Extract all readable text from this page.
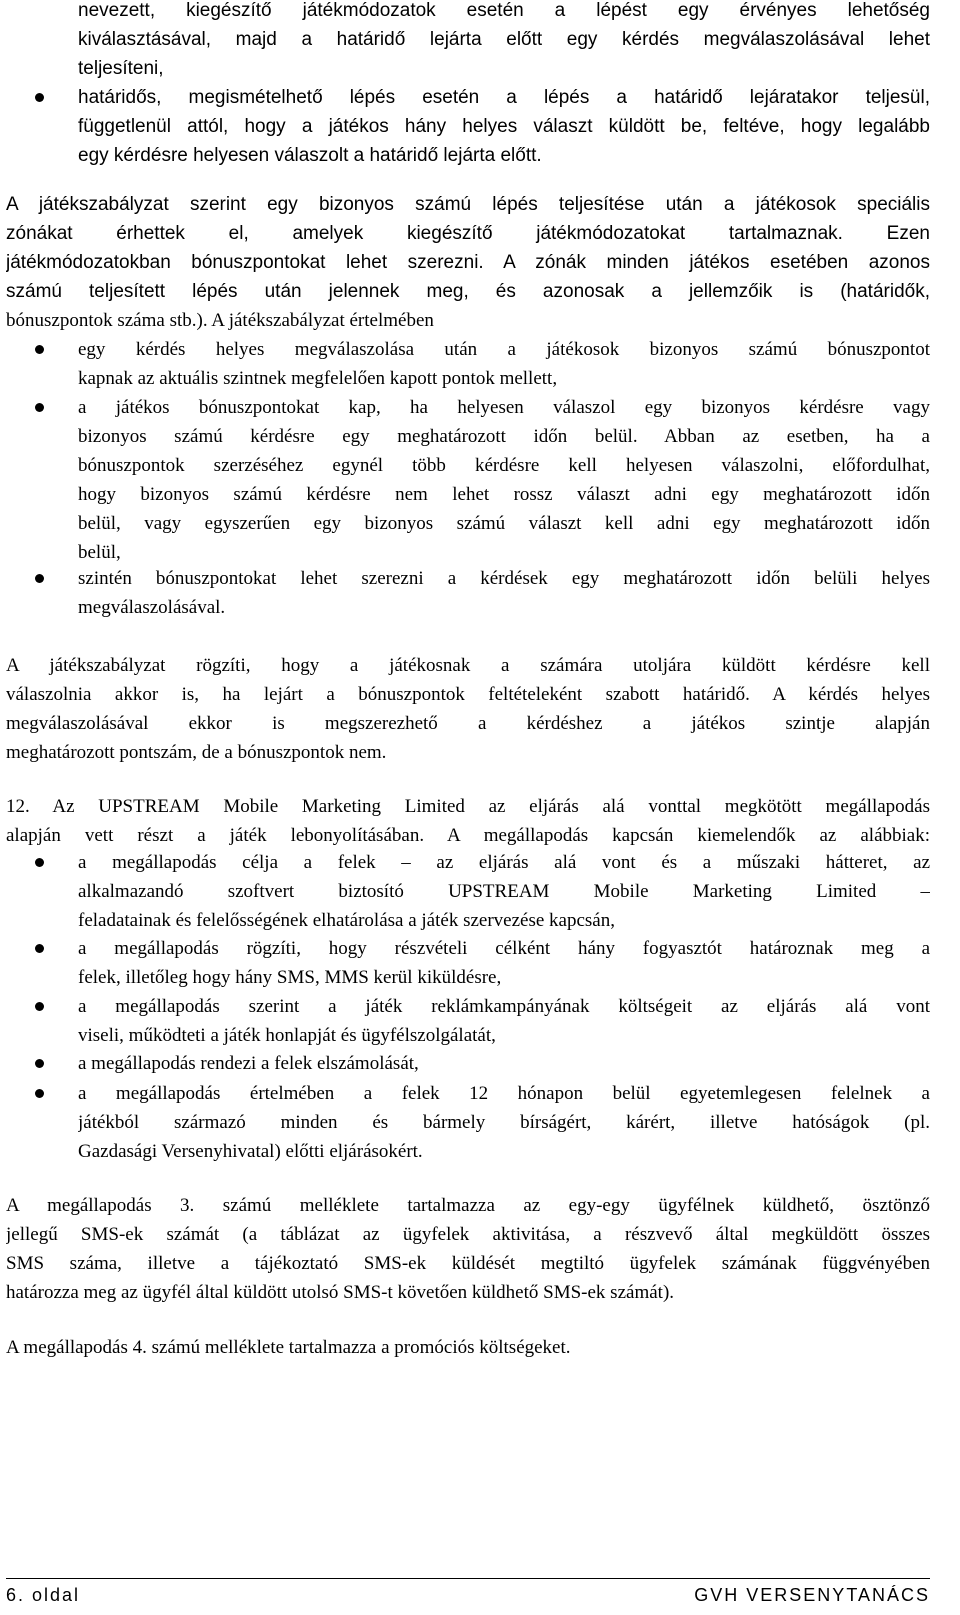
nevezett, kiegészítő játékmódozatok esetén a lépést egy érvényes lehetőség
kiválasztásával, majd a határidő lejárta előtt egy kérdés megválaszolásával lehet
teljesíteni,
határidős, megismételhető lépés esetén a lépés a határidő lejáratakor teljesül,
függetlenül attól, hogy a játékos hány helyes választ küldött be, feltéve, hogy legalább
egy kérdésre helyesen válaszolt a határidő lejárta előtt.
A játékszabályzat szerint egy bizonyos számú lépés teljesítése után a játékosok speciális
zónákat érhettek el, amelyek kiegészítő játékmódozatokat tartalmaznak. Ezen
játékmódozatokban bónuszpontokat lehet szerezni. A zónák minden játékos esetében azonos
számú teljesített lépés után jelennek meg, és azonosak a jellemzőik is (határidők,
bónuszpontok száma stb.). A játékszabályzat értelmében
egy kérdés helyes megválaszolása után a játékosok bizonyos számú bónuszpontot
kapnak az aktuális szintnek megfelelően kapott pontok mellett,
a játékos bónuszpontokat kap, ha helyesen válaszol egy bizonyos kérdésre vagy
bizonyos számú kérdésre egy meghatározott időn belül. Abban az esetben, ha a
bónuszpontok szerzéséhez egynél több kérdésre kell helyesen válaszolni, előfordulhat,
hogy bizonyos számú kérdésre nem lehet rossz választ adni egy meghatározott időn
belül, vagy egyszerűen egy bizonyos számú választ kell adni egy meghatározott időn
belül,
szintén bónuszpontokat lehet szerezni a kérdések egy meghatározott időn belüli helyes
megválaszolásával.
A játékszabályzat rögzíti, hogy a játékosnak a számára utoljára küldött kérdésre kell
válaszolnia akkor is, ha lejárt a bónuszpontok feltételeként szabott határidő. A kérdés helyes
megválaszolásával ekkor is megszerezhető a kérdéshez a játékos szintje alapján
meghatározott pontszám, de a bónuszpontok nem.
12. Az UPSTREAM Mobile Marketing Limited az eljárás alá vonttal megkötött megállapodás
alapján vett részt a játék lebonyolításában. A megállapodás kapcsán kiemelendők az alábbiak:
a megállapodás célja a felek – az eljárás alá vont és a műszaki hátteret, az
alkalmazandó szoftvert biztosító UPSTREAM Mobile Marketing Limited –
feladatainak és felelősségének elhatárolása a játék szervezése kapcsán,
a megállapodás rögzíti, hogy részvételi célként hány fogyasztót határoznak meg a
felek, illetőleg hogy hány SMS, MMS kerül kiküldésre,
a megállapodás szerint a játék reklámkampányának költségeit az eljárás alá vont
viseli, működteti a játék honlapját és ügyfélszolgálatát,
a megállapodás rendezi a felek elszámolását,
a megállapodás értelmében a felek 12 hónapon belül egyetemlegesen felelnek a
játékból származó minden és bármely bírságért, kárért, illetve hatóságok (pl.
Gazdasági Versenyhivatal) előtti eljárásokért.
A megállapodás 3. számú melléklete tartalmazza az egy-egy ügyfélnek küldhető, ösztönző
jellegű SMS-ek számát (a táblázat az ügyfelek aktivitása, a részvevő által megküldött összes
SMS száma, illetve a tájékoztató SMS-ek küldését megtiltó ügyfelek számának függvényében
határozza meg az ügyfél által küldött utolsó SMS-t követően küldhető SMS-ek számát).
A megállapodás 4. számú melléklete tartalmazza a promóciós költségeket.
6. oldal	GVH VERSENYTANÁCS
